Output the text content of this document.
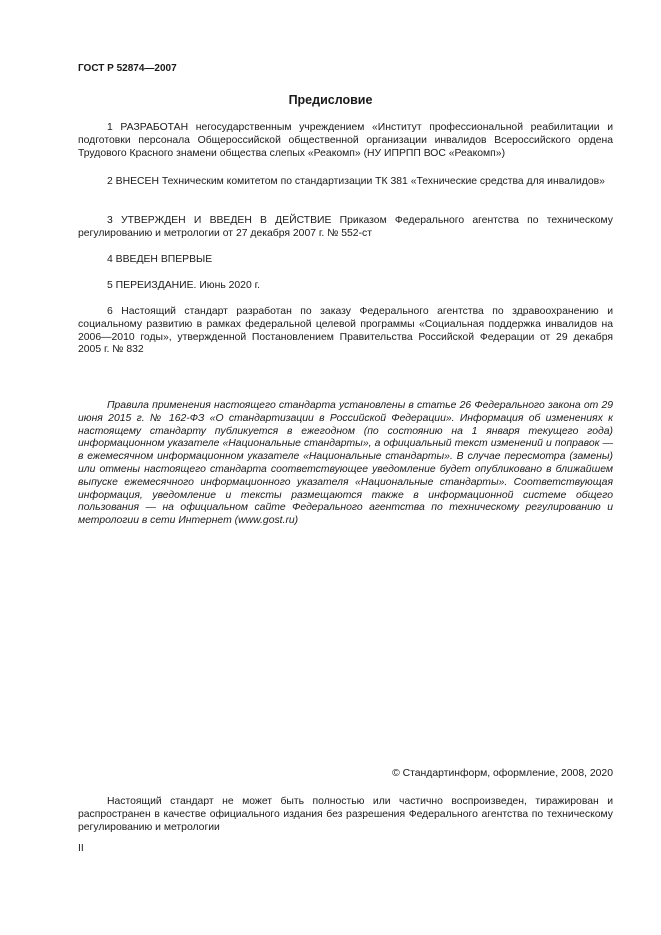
ГОСТ Р 52874—2007
Предисловие
1 РАЗРАБОТАН негосударственным учреждением «Институт профессиональной реабилитации и подготовки персонала Общероссийской общественной организации инвалидов Всероссийского ордена Трудового Красного знамени общества слепых «Реакомп» (НУ ИПРПП ВОС «Реакомп»)
2 ВНЕСЕН Техническим комитетом по стандартизации ТК 381 «Технические средства для инвалидов»
3 УТВЕРЖДЕН И ВВЕДЕН В ДЕЙСТВИЕ Приказом Федерального агентства по техническому регулированию и метрологии от 27 декабря 2007 г. № 552-ст
4 ВВЕДЕН ВПЕРВЫЕ
5 ПЕРЕИЗДАНИЕ. Июнь 2020 г.
6 Настоящий стандарт разработан по заказу Федерального агентства по здравоохранению и социальному развитию в рамках федеральной целевой программы «Социальная поддержка инвалидов на 2006—2010 годы», утвержденной Постановлением Правительства Российской Федерации от 29 декабря 2005 г. № 832
Правила применения настоящего стандарта установлены в статье 26 Федерального закона от 29 июня 2015 г. № 162-ФЗ «О стандартизации в Российской Федерации». Информация об изменениях к настоящему стандарту публикуется в ежегодном (по состоянию на 1 января текущего года) информационном указателе «Национальные стандарты», а официальный текст изменений и поправок — в ежемесячном информационном указателе «Национальные стандарты». В случае пересмотра (замены) или отмены настоящего стандарта соответствующее уведомление будет опубликовано в ближайшем выпуске ежемесячного информационного указателя «Национальные стандарты». Соответствующая информация, уведомление и тексты размещаются также в информационной системе общего пользования — на официальном сайте Федерального агентства по техническому регулированию и метрологии в сети Интернет (www.gost.ru)
© Стандартинформ, оформление, 2008, 2020
Настоящий стандарт не может быть полностью или частично воспроизведен, тиражирован и распространен в качестве официального издания без разрешения Федерального агентства по техническому регулированию и метрологии
II
